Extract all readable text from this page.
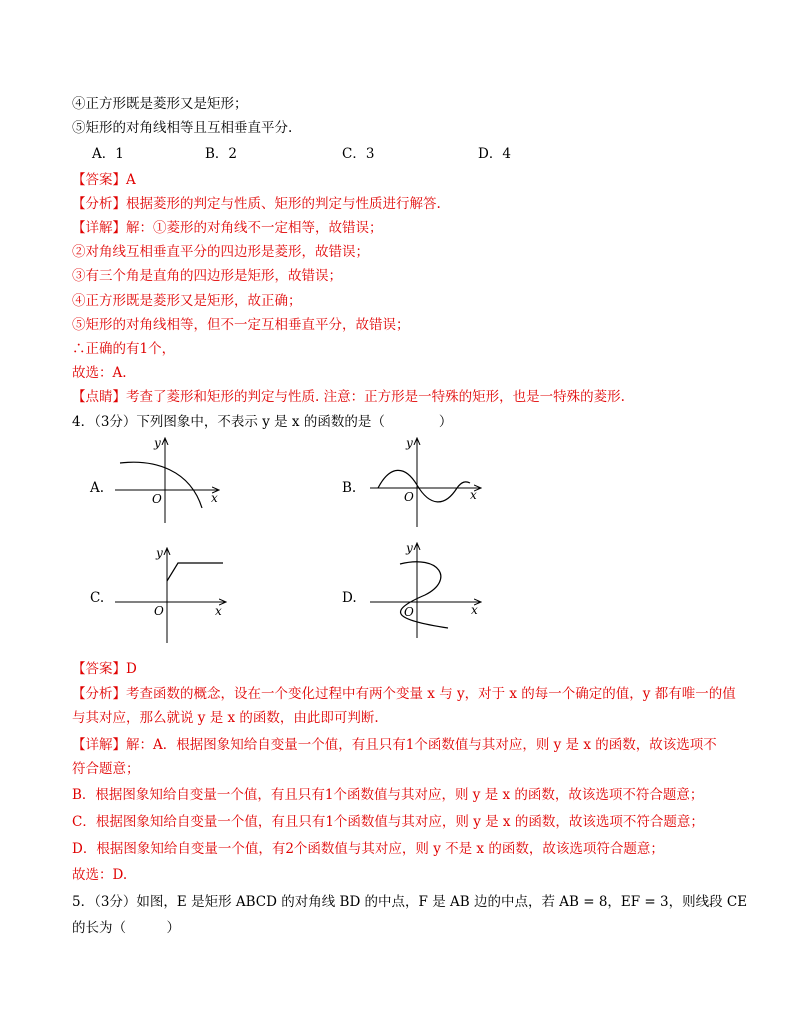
④正方形既是菱形又是矩形；
⑤矩形的对角线相等且互相垂直平分.
A．1	B．2	C．3	D．4
【答案】A
【分析】根据菱形的判定与性质、矩形的判定与性质进行解答.
【详解】解：①菱形的对角线不一定相等，故错误；
②对角线互相垂直平分的四边形是菱形，故错误；
③有三个角是直角的四边形是矩形，故错误；
④正方形既是菱形又是矩形，故正确；
⑤矩形的对角线相等，但不一定互相垂直平分，故错误；
∴正确的有1个，
故选：A.
【点睛】考查了菱形和矩形的判定与性质. 注意：正方形是一特殊的矩形，也是一特殊的菱形.
4．（3分）下列图象中，不表示 y 是 x 的函数的是（　　　　）
A.
y
x
O
B.
y
x
O
C.
y
x
O
D.
y
x
O
【答案】D
【分析】考查函数的概念，设在一个变化过程中有两个变量 x 与 y，对于 x 的每一个确定的值，y 都有唯一的值
与其对应，那么就说 y 是 x 的函数，由此即可判断.
【详解】解：A．根据图象知给自变量一个值，有且只有1个函数值与其对应，则 y 是 x 的函数，故该选项不
符合题意；
B．根据图象知给自变量一个值，有且只有1个函数值与其对应，则 y 是 x 的函数，故该选项不符合题意；
C．根据图象知给自变量一个值，有且只有1个函数值与其对应，则 y 是 x 的函数，故该选项不符合题意；
D．根据图象知给自变量一个值，有2个函数值与其对应，则 y 不是 x 的函数，故该选项符合题意；
故选：D.
5．（3分）如图，E 是矩形 ABCD 的对角线 BD 的中点，F 是 AB 边的中点，若 AB = 8，EF = 3，则线段 CE
的长为（　　　）
